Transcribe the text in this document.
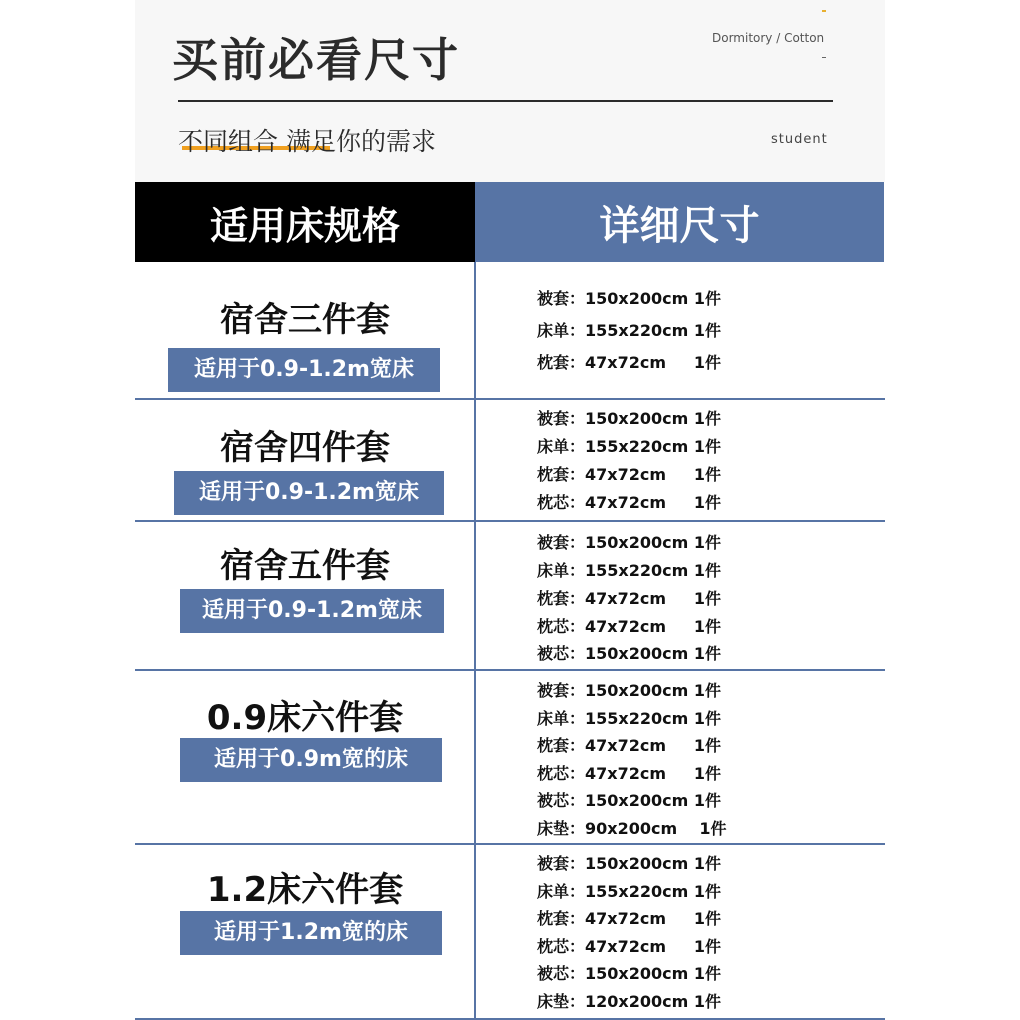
买前必看尺寸	Dormitory / Cotton
不同组合 满足你的需求	student
适用床规格	详细尺寸
宿舍三件套
适用于0.9-1.2m宽床
被套：150x200cm 1件
床单：155x220cm 1件
枕套：47x72cm     1件
宿舍四件套
适用于0.9-1.2m宽床
被套：150x200cm 1件
床单：155x220cm 1件
枕套：47x72cm     1件
枕芯：47x72cm     1件
宿舍五件套
适用于0.9-1.2m宽床
被套：150x200cm 1件
床单：155x220cm 1件
枕套：47x72cm     1件
枕芯：47x72cm     1件
被芯：150x200cm 1件
0.9床六件套
适用于0.9m宽的床
被套：150x200cm 1件
床单：155x220cm 1件
枕套：47x72cm     1件
枕芯：47x72cm     1件
被芯：150x200cm 1件
床垫：90x200cm    1件
1.2床六件套
适用于1.2m宽的床
被套：150x200cm 1件
床单：155x220cm 1件
枕套：47x72cm     1件
枕芯：47x72cm     1件
被芯：150x200cm 1件
床垫：120x200cm 1件
